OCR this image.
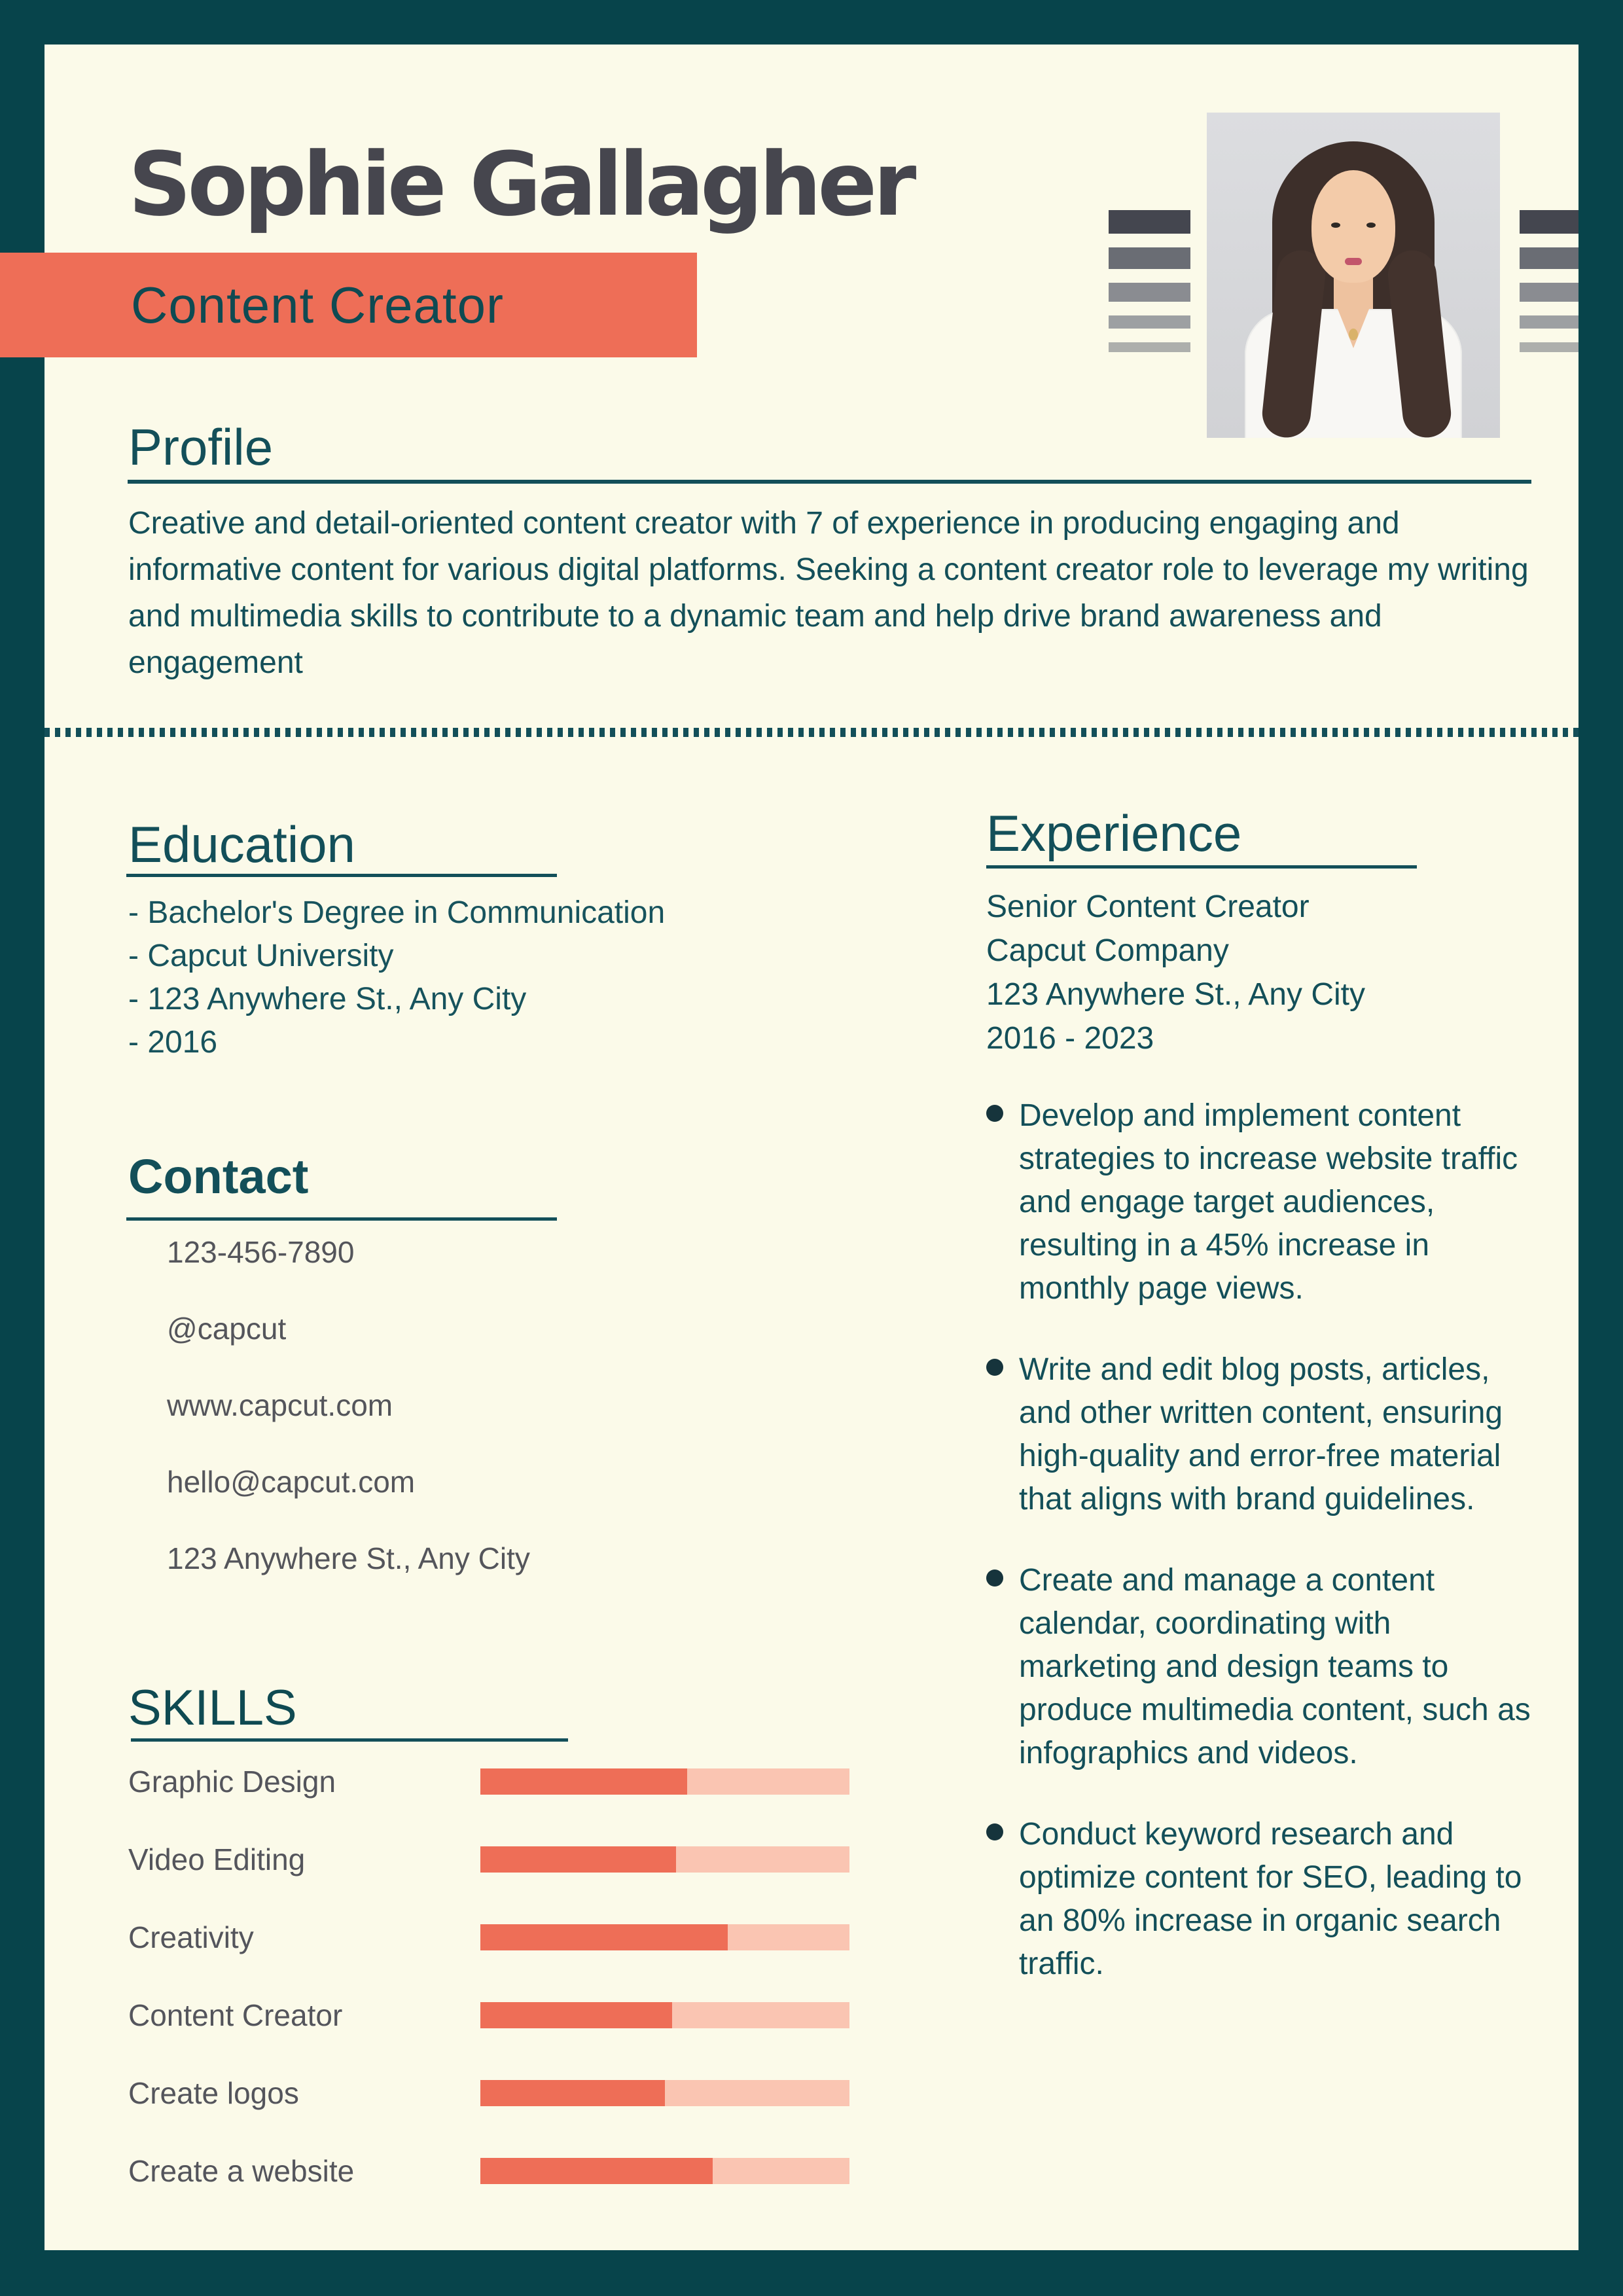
Sophie Gallagher
Content Creator
Profile

Creative and detail-oriented content creator with 7 of experience in producing engaging and informative content for various digital platforms. Seeking a content creator role to leverage my writing and multimedia skills to contribute to a dynamic team and help drive brand awareness and engagement

Education
- Bachelor's Degree in Communication
- Capcut University
- 123 Anywhere St., Any City
- 2016
Contact
123-456-7890
@capcut
www.capcut.com
hello@capcut.com
123 Anywhere St., Any City
SKILLS
Graphic Design
Video Editing
Creativity
Content Creator
Create logos
Create a website
Experience

Senior Content Creator
Capcut Company
123 Anywhere St., Any City
2016 - 2023

Develop and implement content strategies to increase website traffic and engage target audiences, resulting in a 45% increase in monthly page views.
Write and edit blog posts, articles, and other written content, ensuring high-quality and error-free material that aligns with brand guidelines.
Create and manage a content calendar, coordinating with marketing and design teams to produce multimedia content, such as infographics and videos.
Conduct keyword research and optimize content for SEO, leading to an 80% increase in organic search traffic.
